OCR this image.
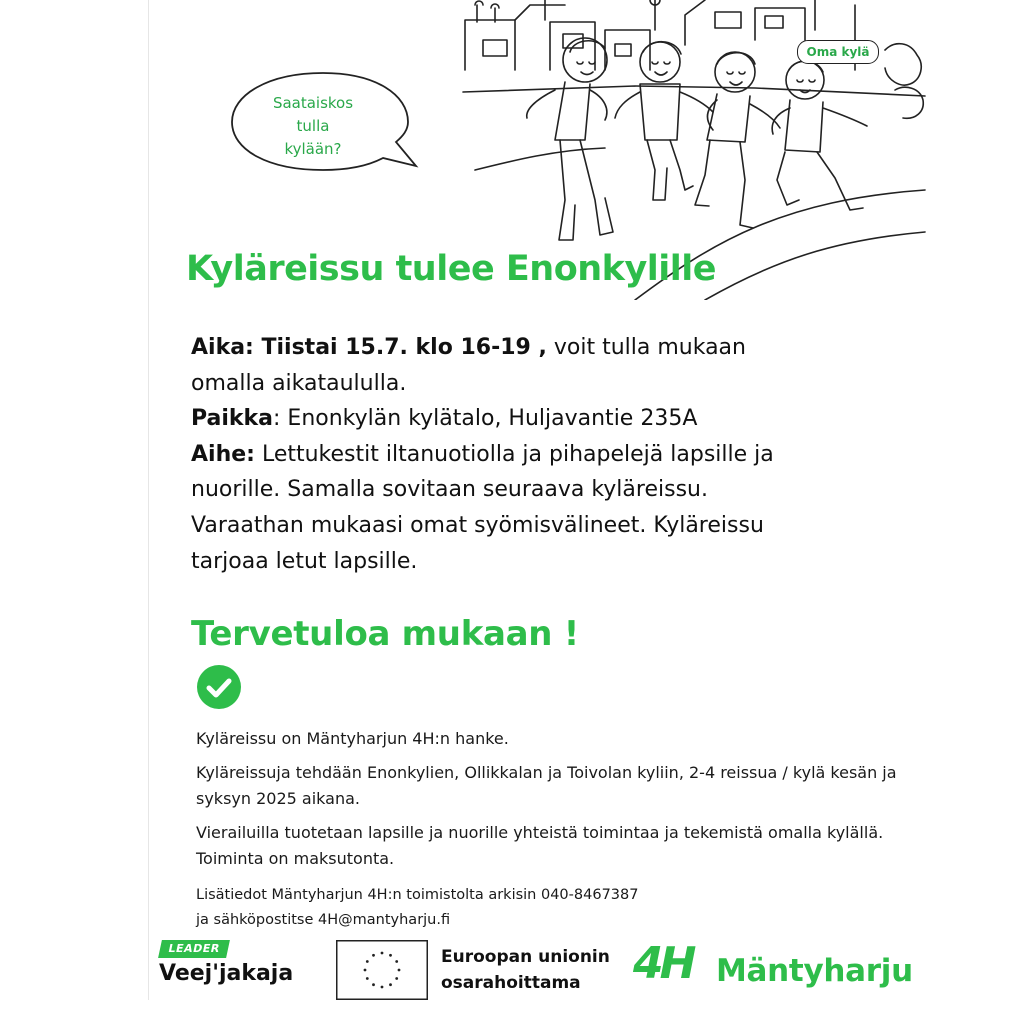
Saataiskos
tulla
kylään?
Oma kylä
Kyläreissu tulee Enonkylille

Aika: Tiistai 15.7. klo 16-19 , voit tulla mukaan omalla aikataululla.

Paikka: Enonkylän kylätalo, Huljavantie 235A

Aihe: Lettukestit iltanuotiolla ja pihapelejä lapsille ja nuorille. Samalla sovitaan seuraava kyläreissu. Varaathan mukaasi omat syömisvälineet. Kyläreissu tarjoaa letut lapsille.

Tervetuloa mukaan !

Kyläreissu on Mäntyharjun 4H:n hanke.

Kyläreissuja tehdään Enonkylien, Ollikkalan ja Toivolan kyliin, 2-4 reissua / kylä kesän ja syksyn 2025 aikana.

Vierailuilla tuotetaan lapsille ja nuorille yhteistä toimintaa ja tekemistä omalla kylällä. Toiminta on maksutonta.

Lisätiedot Mäntyharjun 4H:n toimistolta arkisin 040-8467387
ja sähköpostitse 4H@mantyharju.fi
LEADER
Veej'jakaja
Euroopan unionin
osarahoittama	4H Mäntyharju
